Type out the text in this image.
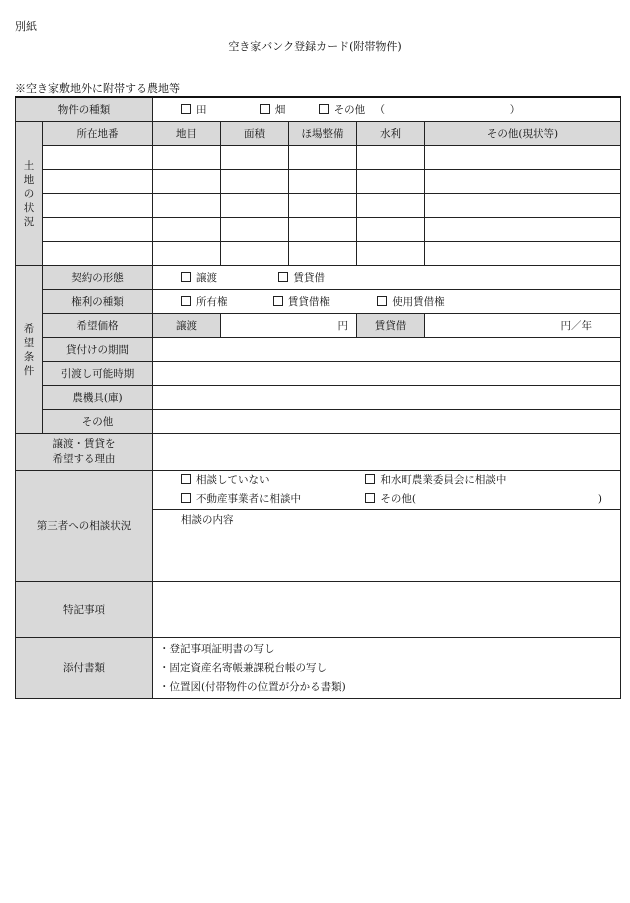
別紙
空き家バンク登録カード(附帯物件)
※空き家敷地外に附帯する農地等
物件の種類		田 畑 その他 （ ）				
土地の状況	所在地番	地目	面積	ほ場整備	水利	その他(現状等)

希望条件	契約の形態	譲渡 賃貸借				
	権利の種類	所有権 賃貸借権 使用賃借権				
	希望価格	譲渡	円		賃貸借	円／年
	貸付けの期間					
	引渡し可能時期					
	農機具(庫)					
	その他					

譲渡・賃貸を
希望する理由						

第三者への相談状況		相談していない 和水町農業委員会に相談中
不動産事業者に相談中 その他( )				

		相談の内容				
特記事項						
添付書類		・登記事項証明書の写し
・固定資産名寄帳兼課税台帳の写し
・位置図(付帯物件の位置が分かる書類)				
